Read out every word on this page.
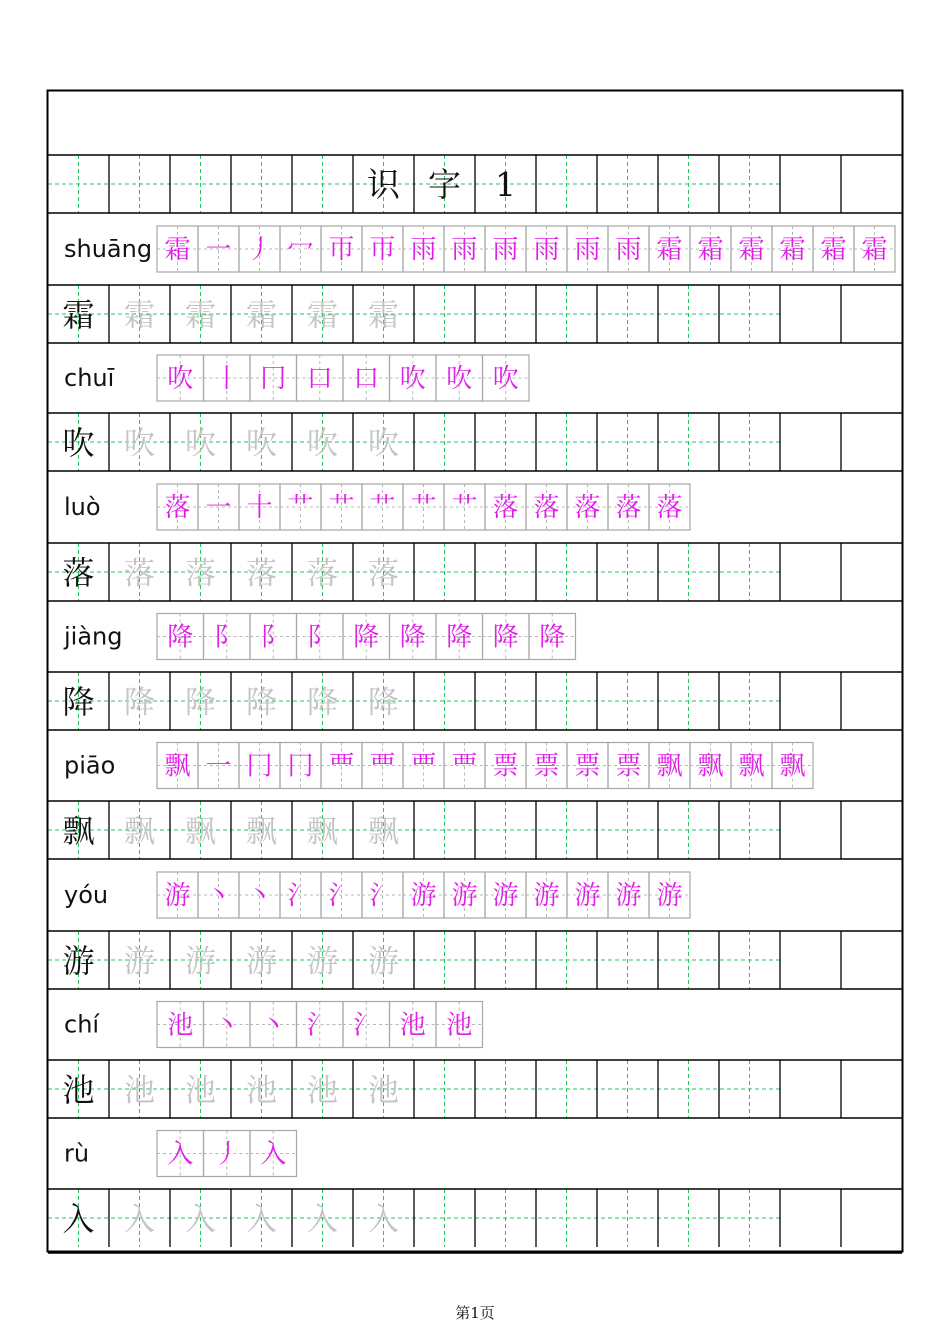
识 字 1
shuāng 霜 ⼀ ⼃ 冖 帀 帀 雨 雨 雨 雨 雨 雨 霜 霜 霜 霜 霜 霜
霜 霜 霜 霜 霜 霜
chuī 吹 丨 冂 口 口 吹 吹 吹
吹 吹 吹 吹 吹 吹
luò 落 一 十 艹 艹 艹 艹 艹 落 落 落 落 落
落 落 落 落 落 落
jiàng 降 阝 阝 阝 降 降 降 降 降
降 降 降 降 降 降
piāo 飘 一 冂 冂 覀 覀 覀 覀 票 票 票 票 飘 飘 飘 飘
飘 飘 飘 飘 飘 飘
yóu 游 丶 丶 氵 氵 氵 游 游 游 游 游 游 游
游 游 游 游 游 游
chí	池 丶 丶 氵 氵 池 池
池 池 池 池 池 池
rù	入 丿 入
入 入 入 入 入 入
第1页
